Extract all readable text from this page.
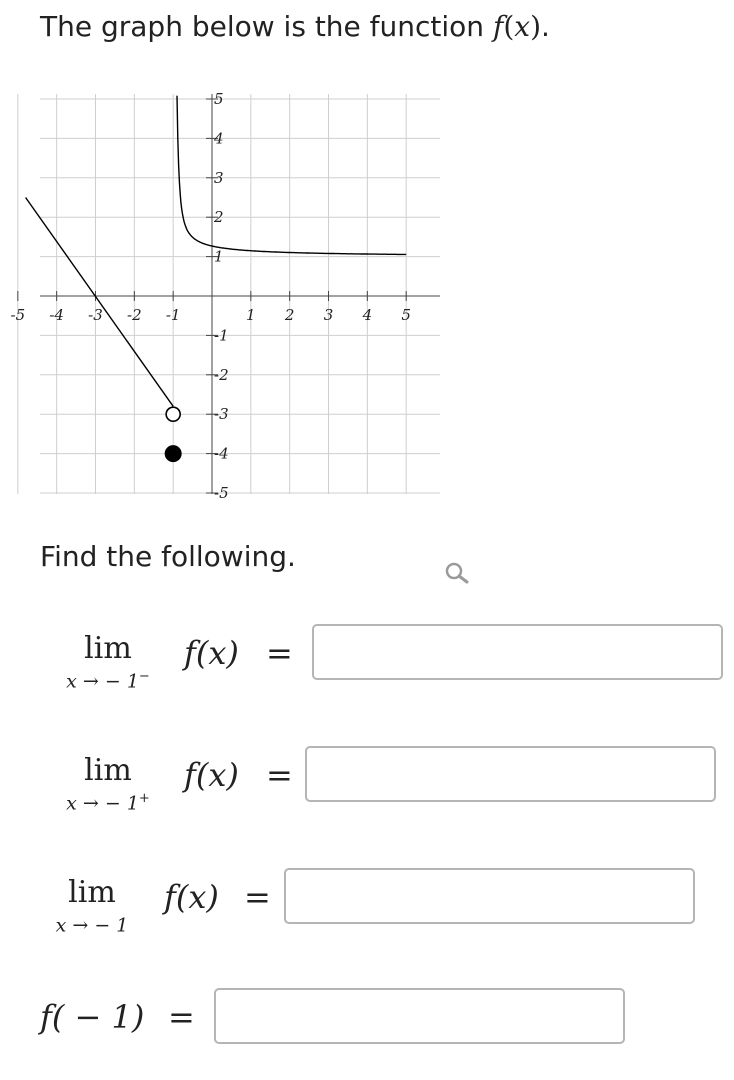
The graph below is the function f(x).
-5 -4 -3 -2 -1	1 2 3 4 5
5
4
3
2
1
-1
-2
-3
-4
-5
Find the following.
lim
x → − 1−
f(x) =
lim
x → − 1+
f(x) =
lim
x → − 1
f(x) =
f( − 1) =
